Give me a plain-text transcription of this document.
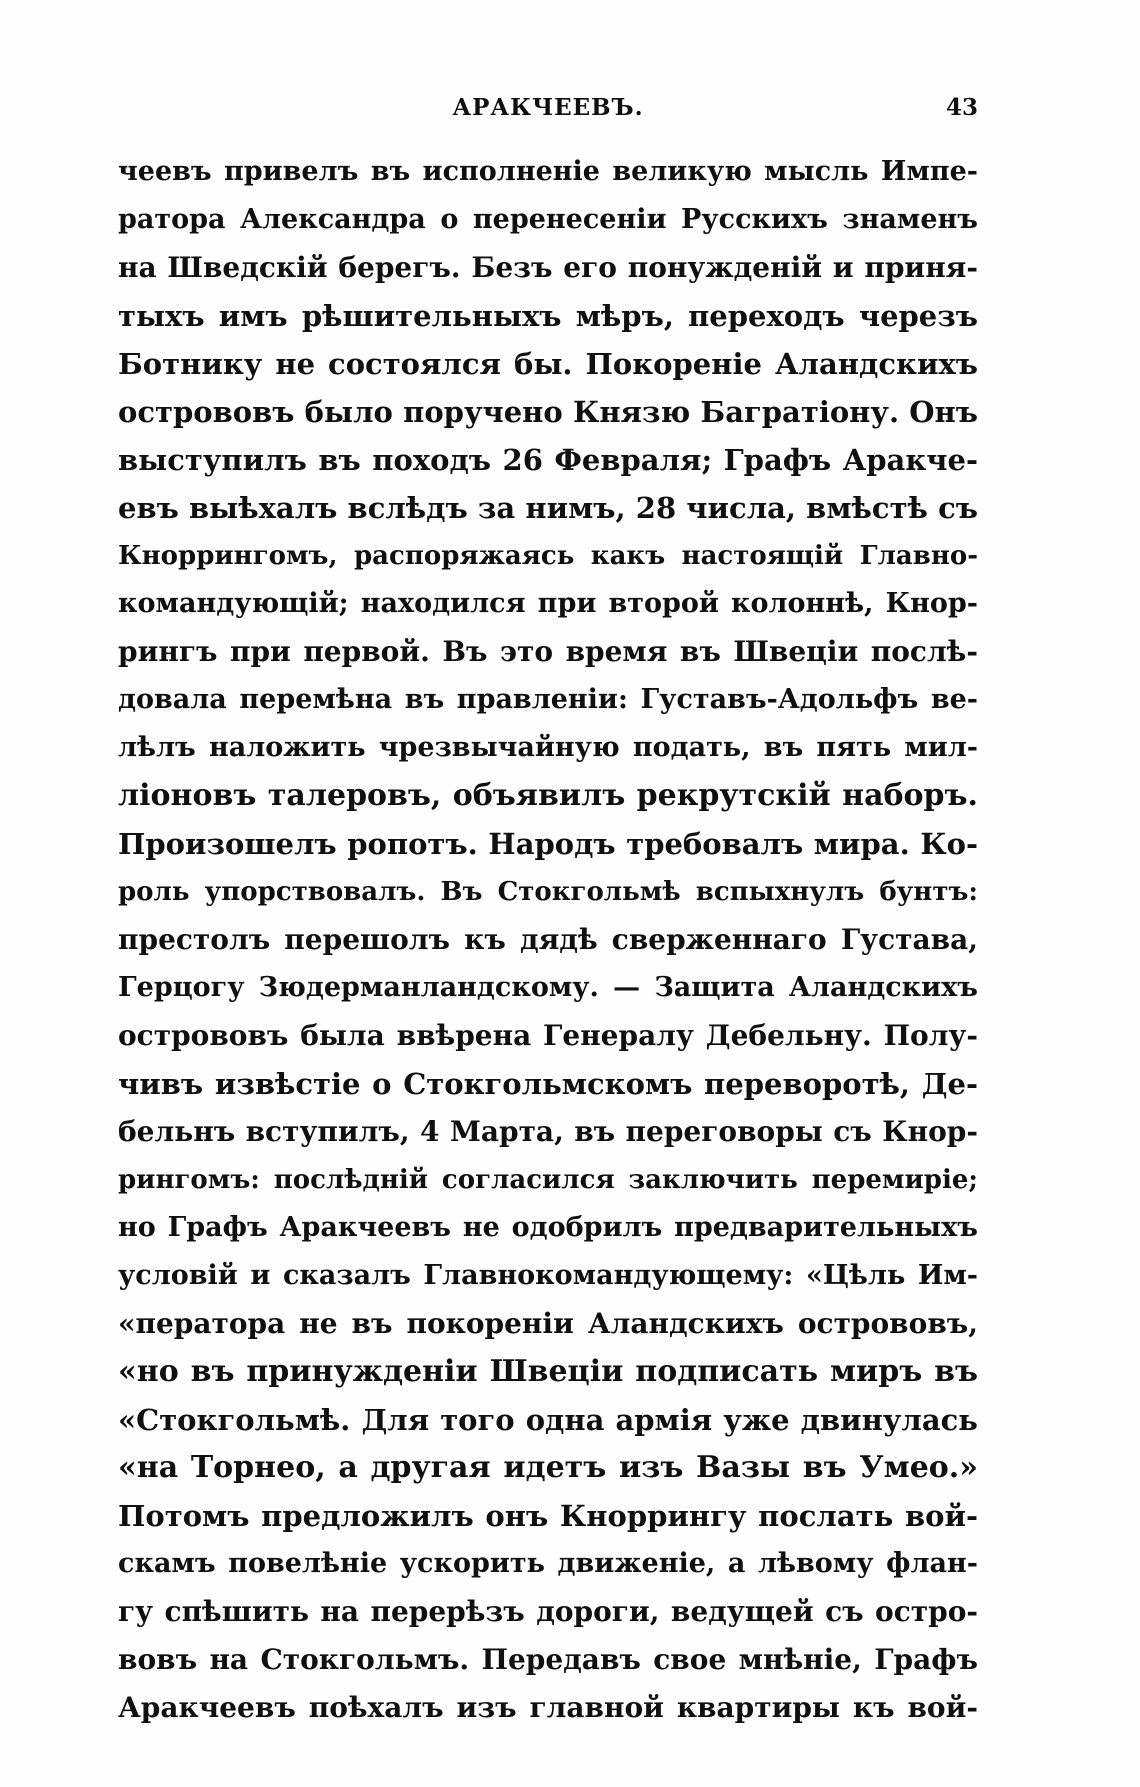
АРАКЧЕЕВЪ.	43
чеевъ привелъ въ исполненіе великую мысль Импе-
ратора Александра о перенесеніи Русскихъ знаменъ
на Шведскій берегъ. Безъ его понужденій и приня-
тыхъ имъ рѣшительныхъ мѣръ, переходъ черезъ
Ботнику не состоялся бы. Покореніе Аландскихъ
острововъ было поручено Князю Багратіону. Онъ
выступилъ въ походъ 26 Февраля; Графъ Аракче-
евъ выѣхалъ вслѣдъ за нимъ, 28 числа, вмѣстѣ съ
Кноррингомъ, распоряжаясь какъ настоящій Главно-
командующій; находился при второй колоннѣ, Кнор-
рингъ при первой. Въ это время въ Швеціи послѣ-
довала перемѣна въ правленіи: Густавъ-Адольфъ ве-
лѣлъ наложить чрезвычайную подать, въ пять мил-
ліоновъ талеровъ, объявилъ рекрутскій наборъ.
Произошелъ ропотъ. Народъ требовалъ мира. Ко-
роль упорствовалъ. Въ Стокгольмѣ вспыхнулъ бунтъ:
престолъ перешолъ къ дядѣ сверженнаго Густава,
Герцогу Зюдерманландскому. — Защита Аландскихъ
острововъ была ввѣрена Генералу Дебельну. Полу-
чивъ извѣстіе о Стокгольмскомъ переворотѣ, Де-
бельнъ вступилъ, 4 Марта, въ переговоры съ Кнор-
рингомъ: послѣдній согласился заключить перемиріе;
но Графъ Аракчеевъ не одобрилъ предварительныхъ
условій и сказалъ Главнокомандующему: «Цѣль Им-
«ператора не въ покореніи Аландскихъ острововъ,
«но въ принужденіи Швеціи подписать миръ въ
«Стокгольмѣ. Для того одна армія уже двинулась
«на Торнео, а другая идетъ изъ Вазы въ Умео.»
Потомъ предложилъ онъ Кноррингу послать вой-
скамъ повелѣніе ускорить движеніе, а лѣвому флан-
гу спѣшить на перерѣзъ дороги, ведущей съ остро-
вовъ на Стокгольмъ. Передавъ свое мнѣніе, Графъ
Аракчеевъ поѣхалъ изъ главной квартиры къ вой-
